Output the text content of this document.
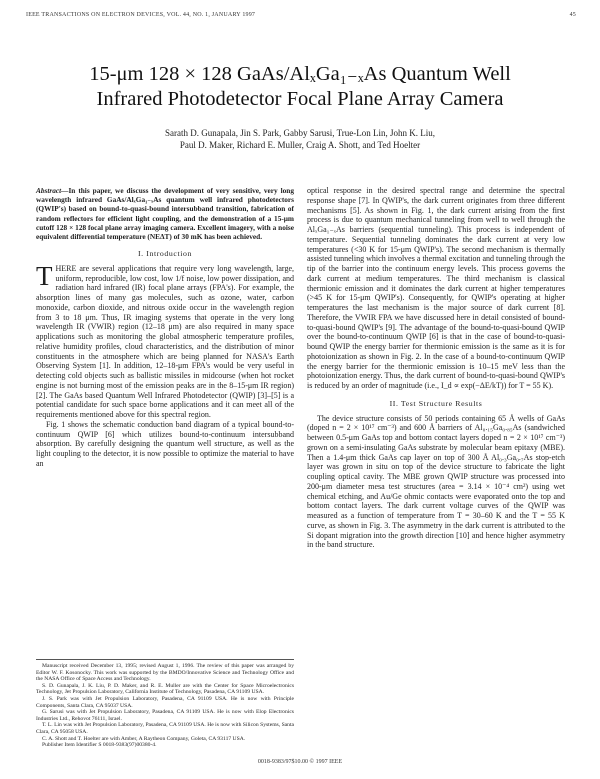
IEEE TRANSACTIONS ON ELECTRON DEVICES, VOL. 44, NO. 1, JANUARY 1997	45
15-μm 128 × 128 GaAs/AlₓGa₁₋ₓAs Quantum Well
Infrared Photodetector Focal Plane Array Camera
Sarath D. Gunapala, Jin S. Park, Gabby Sarusi, True-Lon Lin, John K. Liu,
Paul D. Maker, Richard E. Muller, Craig A. Shott, and Ted Hoelter

Abstract—In this paper, we discuss the development of very sensitive, very long wavelength infrared GaAs/AlₓGa₁₋ₓAs quantum well infrared photodetectors (QWIP's) based on bound-to-quasi-bound intersubband transition, fabrication of random reflectors for efficient light coupling, and the demonstration of a 15-μm cutoff 128 × 128 focal plane array imaging camera. Excellent imagery, with a noise equivalent differential temperature (NEΔT) of 30 mK has been achieved.

I. Introduction
T HERE are several applications that require very long wavelength, large, uniform, reproducible, low cost, low 1/f noise, low power dissipation, and radiation hard infrared (IR) focal plane arrays (FPA's). For example, the absorption lines of many gas molecules, such as ozone, water, carbon monoxide, carbon dioxide, and nitrous oxide occur in the wavelength region from 3 to 18 μm. Thus, IR imaging systems that operate in the very long wavelength IR (VWIR) region (12–18 μm) are also required in many space applications such as monitoring the global atmospheric temperature profiles, relative humidity profiles, cloud characteristics, and the distribution of minor constituents in the atmosphere which are being planned for NASA's Earth Observing System [1]. In addition, 12–18-μm FPA's would be very useful in detecting cold objects such as ballistic missiles in midcourse (when hot rocket engine is not burning most of the emission peaks are in the 8–15-μm IR region) [2]. The GaAs based Quantum Well Infrared Photodetector (QWIP) [3]–[5] is a potential candidate for such space borne applications and it can meet all of the requirements mentioned above for this spectral region.

Fig. 1 shows the schematic conduction band diagram of a typical bound-to-continuum QWIP [6] which utilizes bound-to-continuum intersubband absorption. By carefully designing the quantum well structure, as well as the light coupling to the detector, it is now possible to optimize the material to have an

Manuscript received December 13, 1995; revised August 1, 1996. The review of this paper was arranged by Editor W. F. Kosonocky. This work was supported by the BMDO/Innovative Science and Technology Office and the NASA Office of Space Access and Technology.

S. D. Gunapala, J. K. Liu, P. D. Maker, and R. E. Muller are with the Center for Space Microelectronics Technology, Jet Propulsion Laboratory, California Institute of Technology, Pasadena, CA 91109 USA.

J. S. Park was with Jet Propulsion Laboratory, Pasadena, CA 91109 USA. He is now with Principle Components, Santa Clara, CA 95037 USA.

G. Sarusi was with Jet Propulsion Laboratory, Pasadena, CA 91109 USA. He is now with Elop Electronics Industries Ltd., Rehovot 76111, Israel.

T. L. Lin was with Jet Propulsion Laboratory, Pasadena, CA 91109 USA. He is now with Silicon Systems, Santa Clara, CA 95058 USA.

C. A. Shott and T. Hoelter are with Amber, A Raytheon Company, Goleta, CA 93117 USA.

Publisher Item Identifier S 0018-9383(97)00380-4.

optical response in the desired spectral range and determine the spectral response shape [7]. In QWIP's, the dark current originates from three different mechanisms [5]. As shown in Fig. 1, the dark current arising from the first process is due to quantum mechanical tunneling from well to well through the AlₓGa₁₋ₓAs barriers (sequential tunneling). This process is independent of temperature. Sequential tunneling dominates the dark current at very low temperatures (<30 K for 15-μm QWIP's). The second mechanism is thermally assisted tunneling which involves a thermal excitation and tunneling through the tip of the barrier into the continuum energy levels. This process governs the dark current at medium temperatures. The third mechanism is classical thermionic emission and it dominates the dark current at higher temperatures (>45 K for 15-μm QWIP's). Consequently, for QWIP's operating at higher temperatures the last mechanism is the major source of dark current [8]. Therefore, the VWIR FPA we have discussed here in detail consisted of bound-to-quasi-bound QWIP's [9]. The advantage of the bound-to-quasi-bound QWIP over the bound-to-continuum QWIP [6] is that in the case of bound-to-quasi-bound QWIP the energy barrier for thermionic emission is the same as it is for photoionization as shown in Fig. 2. In the case of a bound-to-continuum QWIP the energy barrier for the thermionic emission is 10–15 meV less than the photoionization energy. Thus, the dark current of bound-to-quasi-bound QWIP's is reduced by an order of magnitude (i.e., I_d ∝ exp(−ΔE/kT)) for T = 55 K).

II. Test Structure Results

The device structure consists of 50 periods containing 65 Å wells of GaAs (doped n = 2 × 10¹⁷ cm⁻³) and 600 Å barriers of Al₀.₁₅Ga₀.₈₅As (sandwiched between 0.5-μm GaAs top and bottom contact layers doped n = 2 × 10¹⁷ cm⁻³) grown on a semi-insulating GaAs substrate by molecular beam epitaxy (MBE). Then a 1.4-μm thick GaAs cap layer on top of 300 Å Al₀.₃Ga₀.₇As stop-etch layer was grown in situ on top of the device structure to fabricate the light coupling optical cavity. The MBE grown QWIP structure was processed into 200-μm diameter mesa test structures (area = 3.14 × 10⁻⁴ cm²) using wet chemical etching, and Au/Ge ohmic contacts were evaporated onto the top and bottom contact layers. The dark current voltage curves of the QWIP was measured as a function of temperature from T = 30–60 K and the T = 55 K curve, as shown in Fig. 3. The asymmetry in the dark current is attributed to the Si dopant migration into the growth direction [10] and hence higher asymmetry in the band structure.

0018-9383/97$10.00 © 1997 IEEE
